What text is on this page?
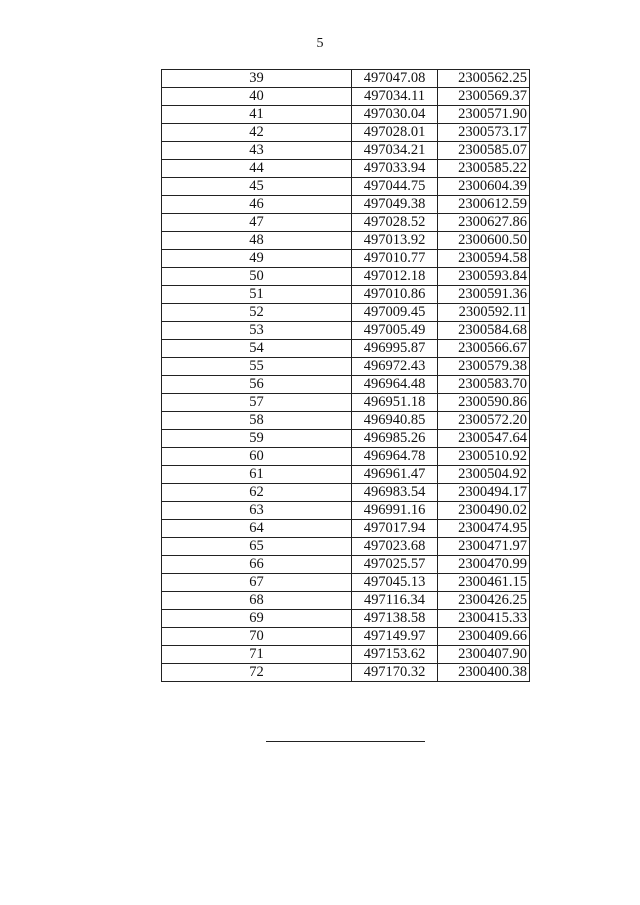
5
39	497047.08	2300562.25
40	497034.11	2300569.37
41	497030.04	2300571.90
42	497028.01	2300573.17
43	497034.21	2300585.07
44	497033.94	2300585.22
45	497044.75	2300604.39
46	497049.38	2300612.59
47	497028.52	2300627.86
48	497013.92	2300600.50
49	497010.77	2300594.58
50	497012.18	2300593.84
51	497010.86	2300591.36
52	497009.45	2300592.11
53	497005.49	2300584.68
54	496995.87	2300566.67
55	496972.43	2300579.38
56	496964.48	2300583.70
57	496951.18	2300590.86
58	496940.85	2300572.20
59	496985.26	2300547.64
60	496964.78	2300510.92
61	496961.47	2300504.92
62	496983.54	2300494.17
63	496991.16	2300490.02
64	497017.94	2300474.95
65	497023.68	2300471.97
66	497025.57	2300470.99
67	497045.13	2300461.15
68	497116.34	2300426.25
69	497138.58	2300415.33
70	497149.97	2300409.66
71	497153.62	2300407.90
72	497170.32	2300400.38
